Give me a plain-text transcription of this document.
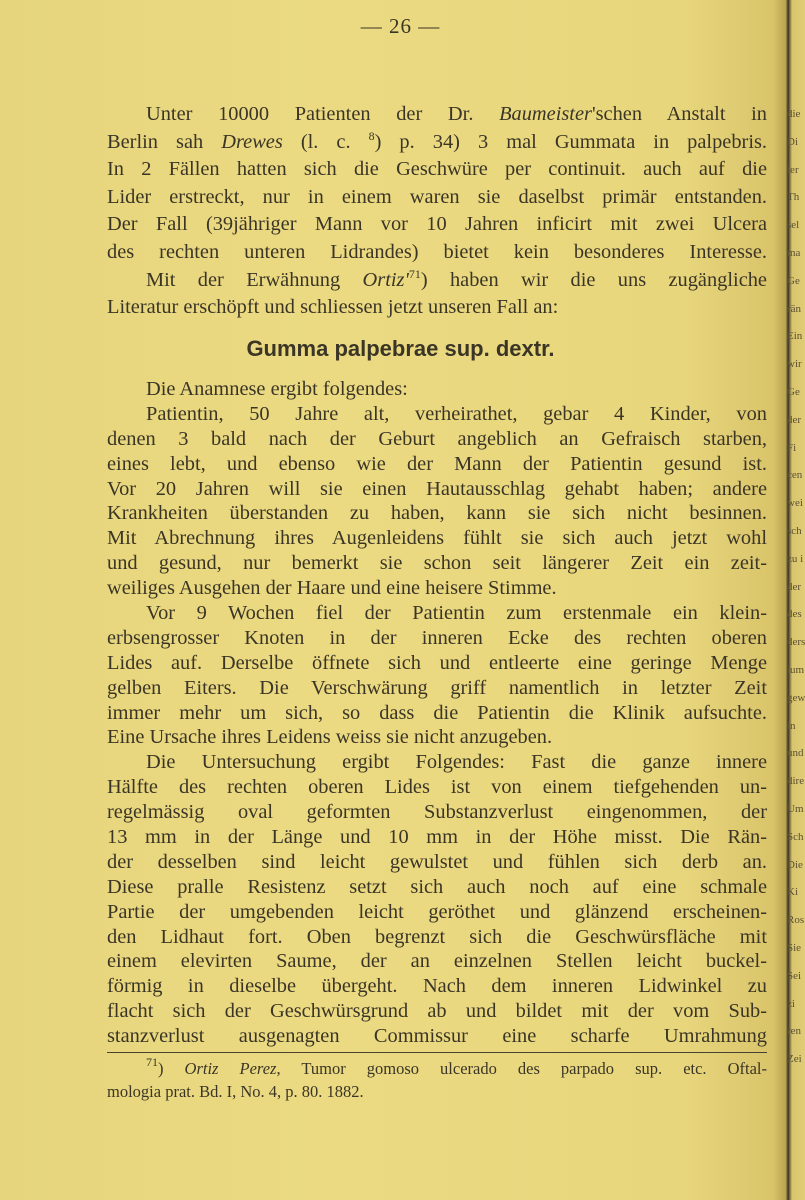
— 26 —
Unter 10000 Patienten der Dr. Baumeister'schen Anstalt in
Berlin sah Drewes (l. c. $^8$) p. 34) 3 mal Gummata in palpebris.
In 2 Fällen hatten sich die Geschwüre per continuit. auch auf die
Lider erstreckt, nur in einem waren sie daselbst primär entstanden.
Der Fall (39jähriger Mann vor 10 Jahren inficirt mit zwei Ulcera
des rechten unteren Lidrandes) bietet kein besonderes Interesse.
Mit der Erwähnung $Ortiz'^{71}$) haben wir die uns zugängliche
Literatur erschöpft und schliessen jetzt unseren Fall an:
Gumma palpebrae sup. dextr.
Die Anamnese ergibt folgendes:
Patientin, 50 Jahre alt, verheirathet, gebar 4 Kinder, von
denen 3 bald nach der Geburt angeblich an Gefraisch starben,
eines lebt, und ebenso wie der Mann der Patientin gesund ist.
Vor 20 Jahren will sie einen Hautausschlag gehabt haben; andere
Krankheiten überstanden zu haben, kann sie sich nicht besinnen.
Mit Abrechnung ihres Augenleidens fühlt sie sich auch jetzt wohl
und gesund, nur bemerkt sie schon seit längerer Zeit ein zeit-
weiliges Ausgehen der Haare und eine heisere Stimme.
Vor 9 Wochen fiel der Patientin zum erstenmale ein klein-
erbsengrosser Knoten in der inneren Ecke des rechten oberen
Lides auf. Derselbe öffnete sich und entleerte eine geringe Menge
gelben Eiters. Die Verschwärung griff namentlich in letzter Zeit
immer mehr um sich, so dass die Patientin die Klinik aufsuchte.
Eine Ursache ihres Leidens weiss sie nicht anzugeben.
Die Untersuchung ergibt Folgendes: Fast die ganze innere
Hälfte des rechten oberen Lides ist von einem tiefgehenden un-
regelmässig oval geformten Substanzverlust eingenommen, der
13 mm in der Länge und 10 mm in der Höhe misst. Die Rän-
der desselben sind leicht gewulstet und fühlen sich derb an.
Diese pralle Resistenz setzt sich auch noch auf eine schmale
Partie der umgebenden leicht geröthet und glänzend erscheinen-
den Lidhaut fort. Oben begrenzt sich die Geschwürsfläche mit
einem elevirten Saume, der an einzelnen Stellen leicht buckel-
förmig in dieselbe übergeht. Nach dem inneren Lidwinkel zu
flacht sich der Geschwürsgrund ab und bildet mit der vom Sub-
stanzverlust ausgenagten Commissur eine scharfe Umrahmung
$^{71}$) Ortiz Perez, Tumor gomoso ulcerado des parpado sup. etc. Oftal-
mologia prat. Bd. I, No. 4, p. 80. 1882.
die
Di
ier
Th
sel
ma
Ge
rän
Ein
wir
Ge
der
Fi
cen
wei
sch
zu i
der
des
ders
ium
gew
in
und
dire
Um
Sch
Die
Ki
Ros
Sie
Sei
zi
ren
Zei
